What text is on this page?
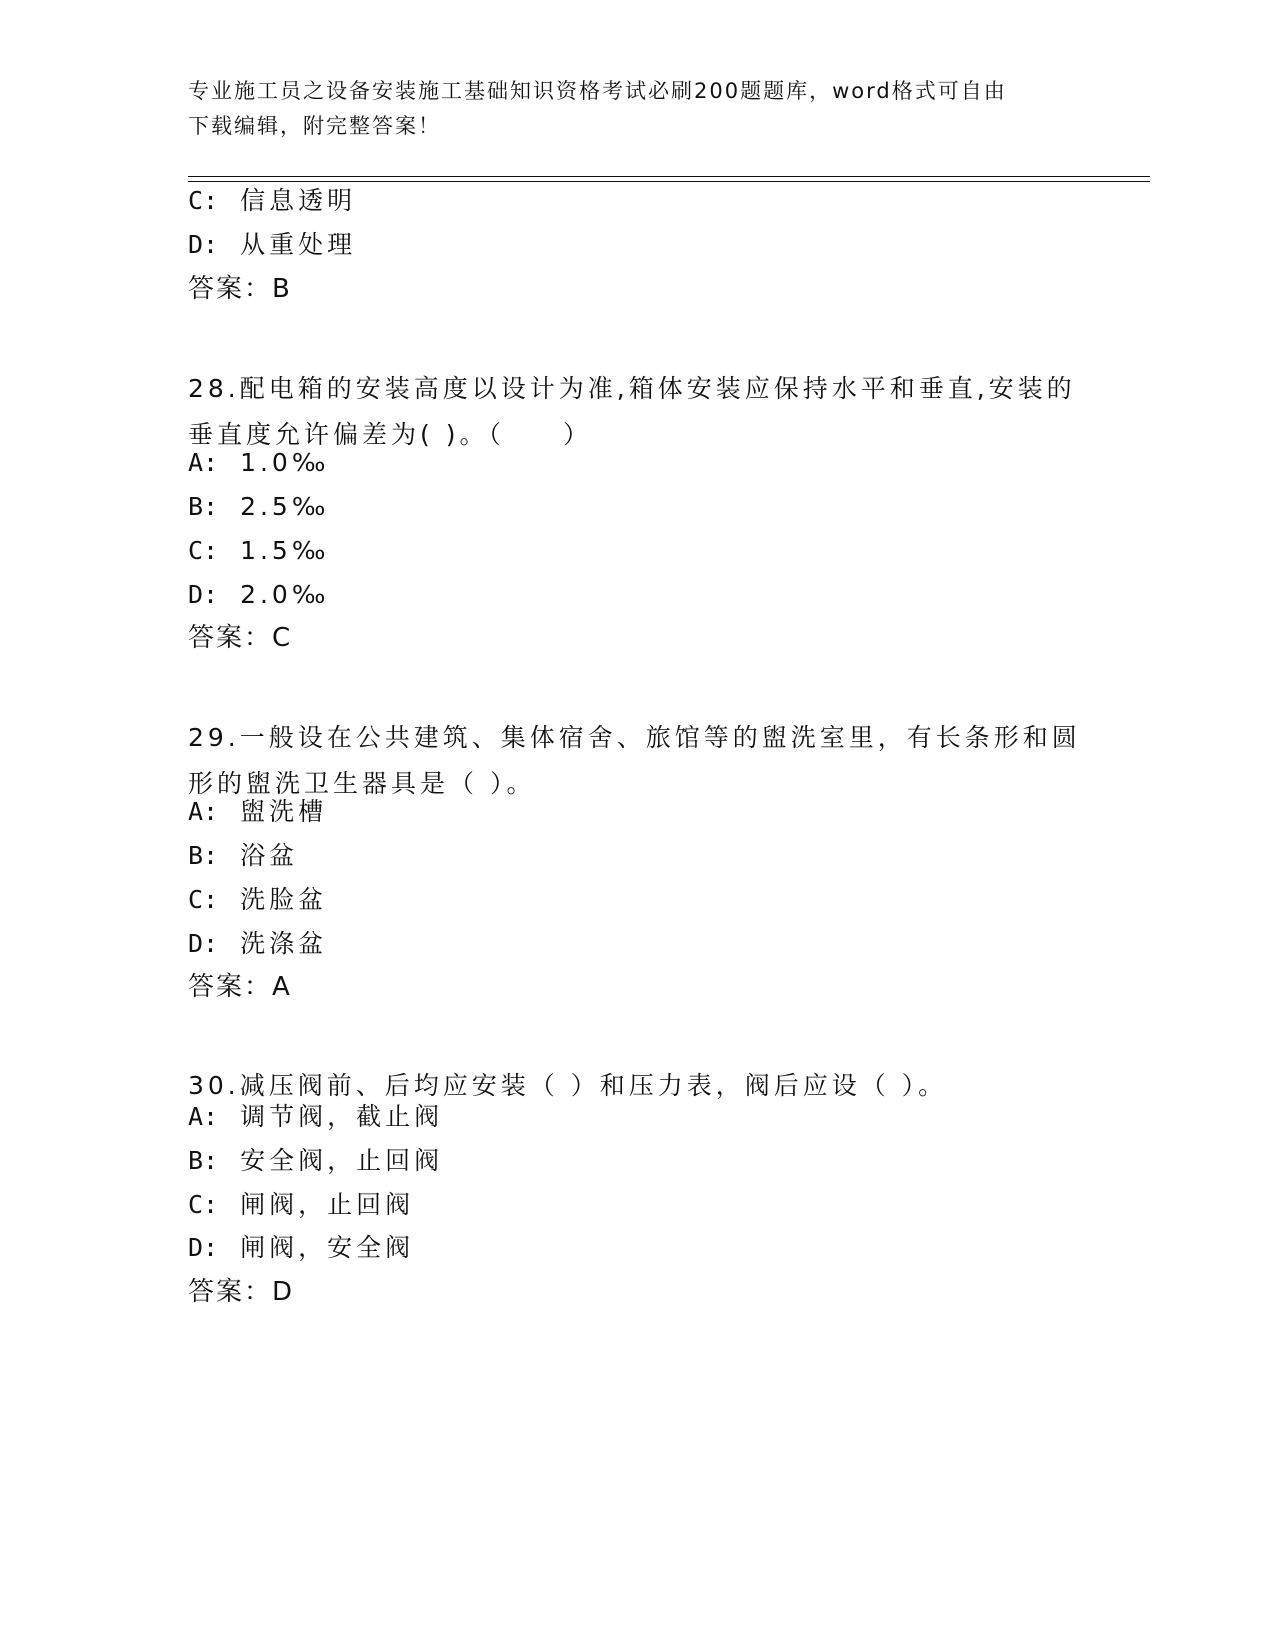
专业施工员之设备安装施工基础知识资格考试必刷200题题库，word格式可自由
下载编辑，附完整答案！
C: 信息透明
D: 从重处理
答案：B
28.配电箱的安装高度以设计为准,箱体安装应保持水平和垂直,安装的
垂直度允许偏差为( )。（　　）
A: 1.0‰
B: 2.5‰
C: 1.5‰
D: 2.0‰
答案：C
29.一般设在公共建筑、集体宿舍、旅馆等的盥洗室里，有长条形和圆
形的盥洗卫生器具是（ ）。
A: 盥洗槽
B: 浴盆
C: 洗脸盆
D: 洗涤盆
答案：A
30.减压阀前、后均应安装（ ）和压力表，阀后应设（ ）。
A: 调节阀，截止阀
B: 安全阀，止回阀
C: 闸阀，止回阀
D: 闸阀，安全阀
答案：D
